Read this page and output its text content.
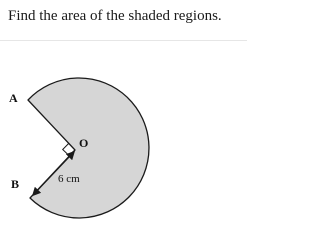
Find the area of the shaded regions.
A
B
O
6 cm
